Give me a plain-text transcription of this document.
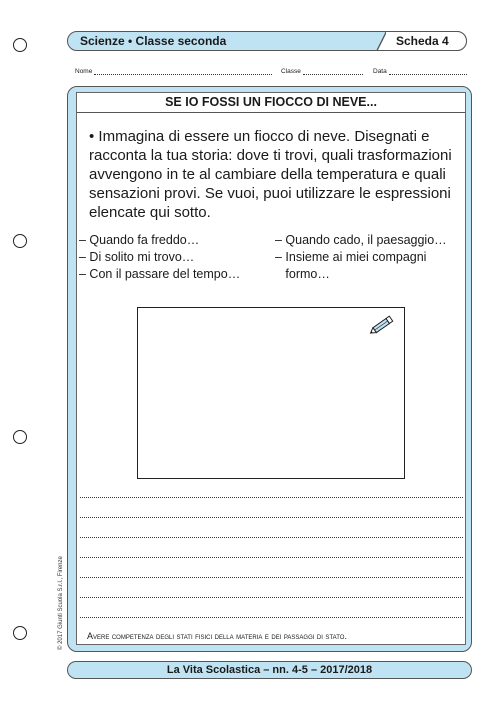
Scienze • Classe seconda	Scheda 4
Nome	Classe	Data
SE IO FOSSI UN FIOCCO DI NEVE...
• Immagina di essere un fiocco di neve. Disegnati e racconta la tua storia: dove ti trovi, quali trasformazioni avvengono in te al cambiare della temperatura e quali sensazioni provi. Se vuoi, puoi utilizzare le espressioni elencate qui sotto.
– Quando fa freddo…
– Di solito mi trovo…
– Con il passare del tempo…
– Quando cado, il paesaggio…
– Insieme ai miei compagni
formo…
Avere competenza degli stati fisici della materia e dei passaggi di stato.
© 2017 Giunti Scuola S.r.l., Firenze
La Vita Scolastica – nn. 4-5 – 2017/2018
